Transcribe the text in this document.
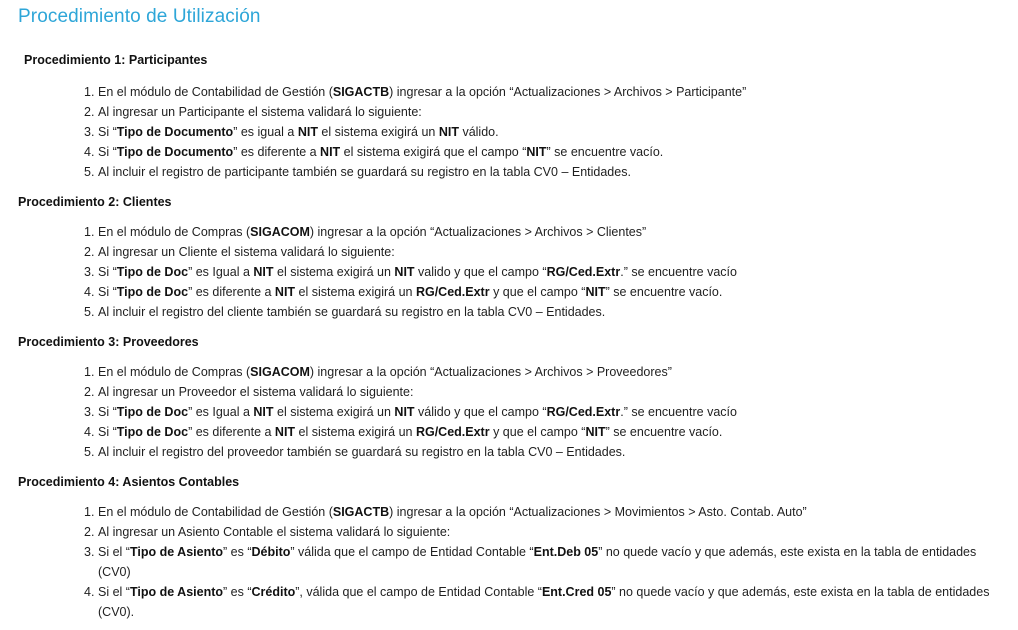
Procedimiento de Utilización
Procedimiento 1: Participantes
1. En el módulo de Contabilidad de Gestión (SIGACTB) ingresar a la opción “Actualizaciones > Archivos > Participante”
2. Al ingresar un Participante el sistema validará lo siguiente:
3. Si “Tipo de Documento” es igual a NIT el sistema exigirá un NIT válido.
4. Si “Tipo de Documento” es diferente a NIT el sistema exigirá que el campo “NIT” se encuentre vacío.
5. Al incluir el registro de participante también se guardará su registro en la tabla CV0 – Entidades.
Procedimiento 2: Clientes
1. En el módulo de Compras (SIGACOM) ingresar a la opción “Actualizaciones > Archivos > Clientes”
2. Al ingresar un Cliente el sistema validará lo siguiente:
3. Si “Tipo de Doc” es Igual a NIT el sistema exigirá un NIT valido y que el campo “RG/Ced.Extr.” se encuentre vacío
4. Si “Tipo de Doc” es diferente a NIT el sistema exigirá un RG/Ced.Extr y que el campo “NIT” se encuentre vacío.
5. Al incluir el registro del cliente también se guardará su registro en la tabla CV0 – Entidades.
Procedimiento 3: Proveedores
1. En el módulo de Compras (SIGACOM) ingresar a la opción “Actualizaciones > Archivos > Proveedores”
2. Al ingresar un Proveedor el sistema validará lo siguiente:
3. Si “Tipo de Doc” es Igual a NIT el sistema exigirá un NIT válido y que el campo “RG/Ced.Extr.” se encuentre vacío
4. Si “Tipo de Doc” es diferente a NIT el sistema exigirá un RG/Ced.Extr y que el campo “NIT” se encuentre vacío.
5. Al incluir el registro del proveedor también se guardará su registro en la tabla CV0 – Entidades.
Procedimiento 4: Asientos Contables
1. En el módulo de Contabilidad de Gestión (SIGACTB) ingresar a la opción “Actualizaciones > Movimientos > Asto. Contab. Auto”
2. Al ingresar un Asiento Contable el sistema validará lo siguiente:
3. Si el “Tipo de Asiento” es “Débito” válida que el campo de Entidad Contable “Ent.Deb 05” no quede vacío y que además, este exista en la tabla de entidades (CV0)
4. Si el “Tipo de Asiento” es “Crédito”, válida que el campo de Entidad Contable “Ent.Cred 05” no quede vacío y que además, este exista en la tabla de entidades (CV0).
